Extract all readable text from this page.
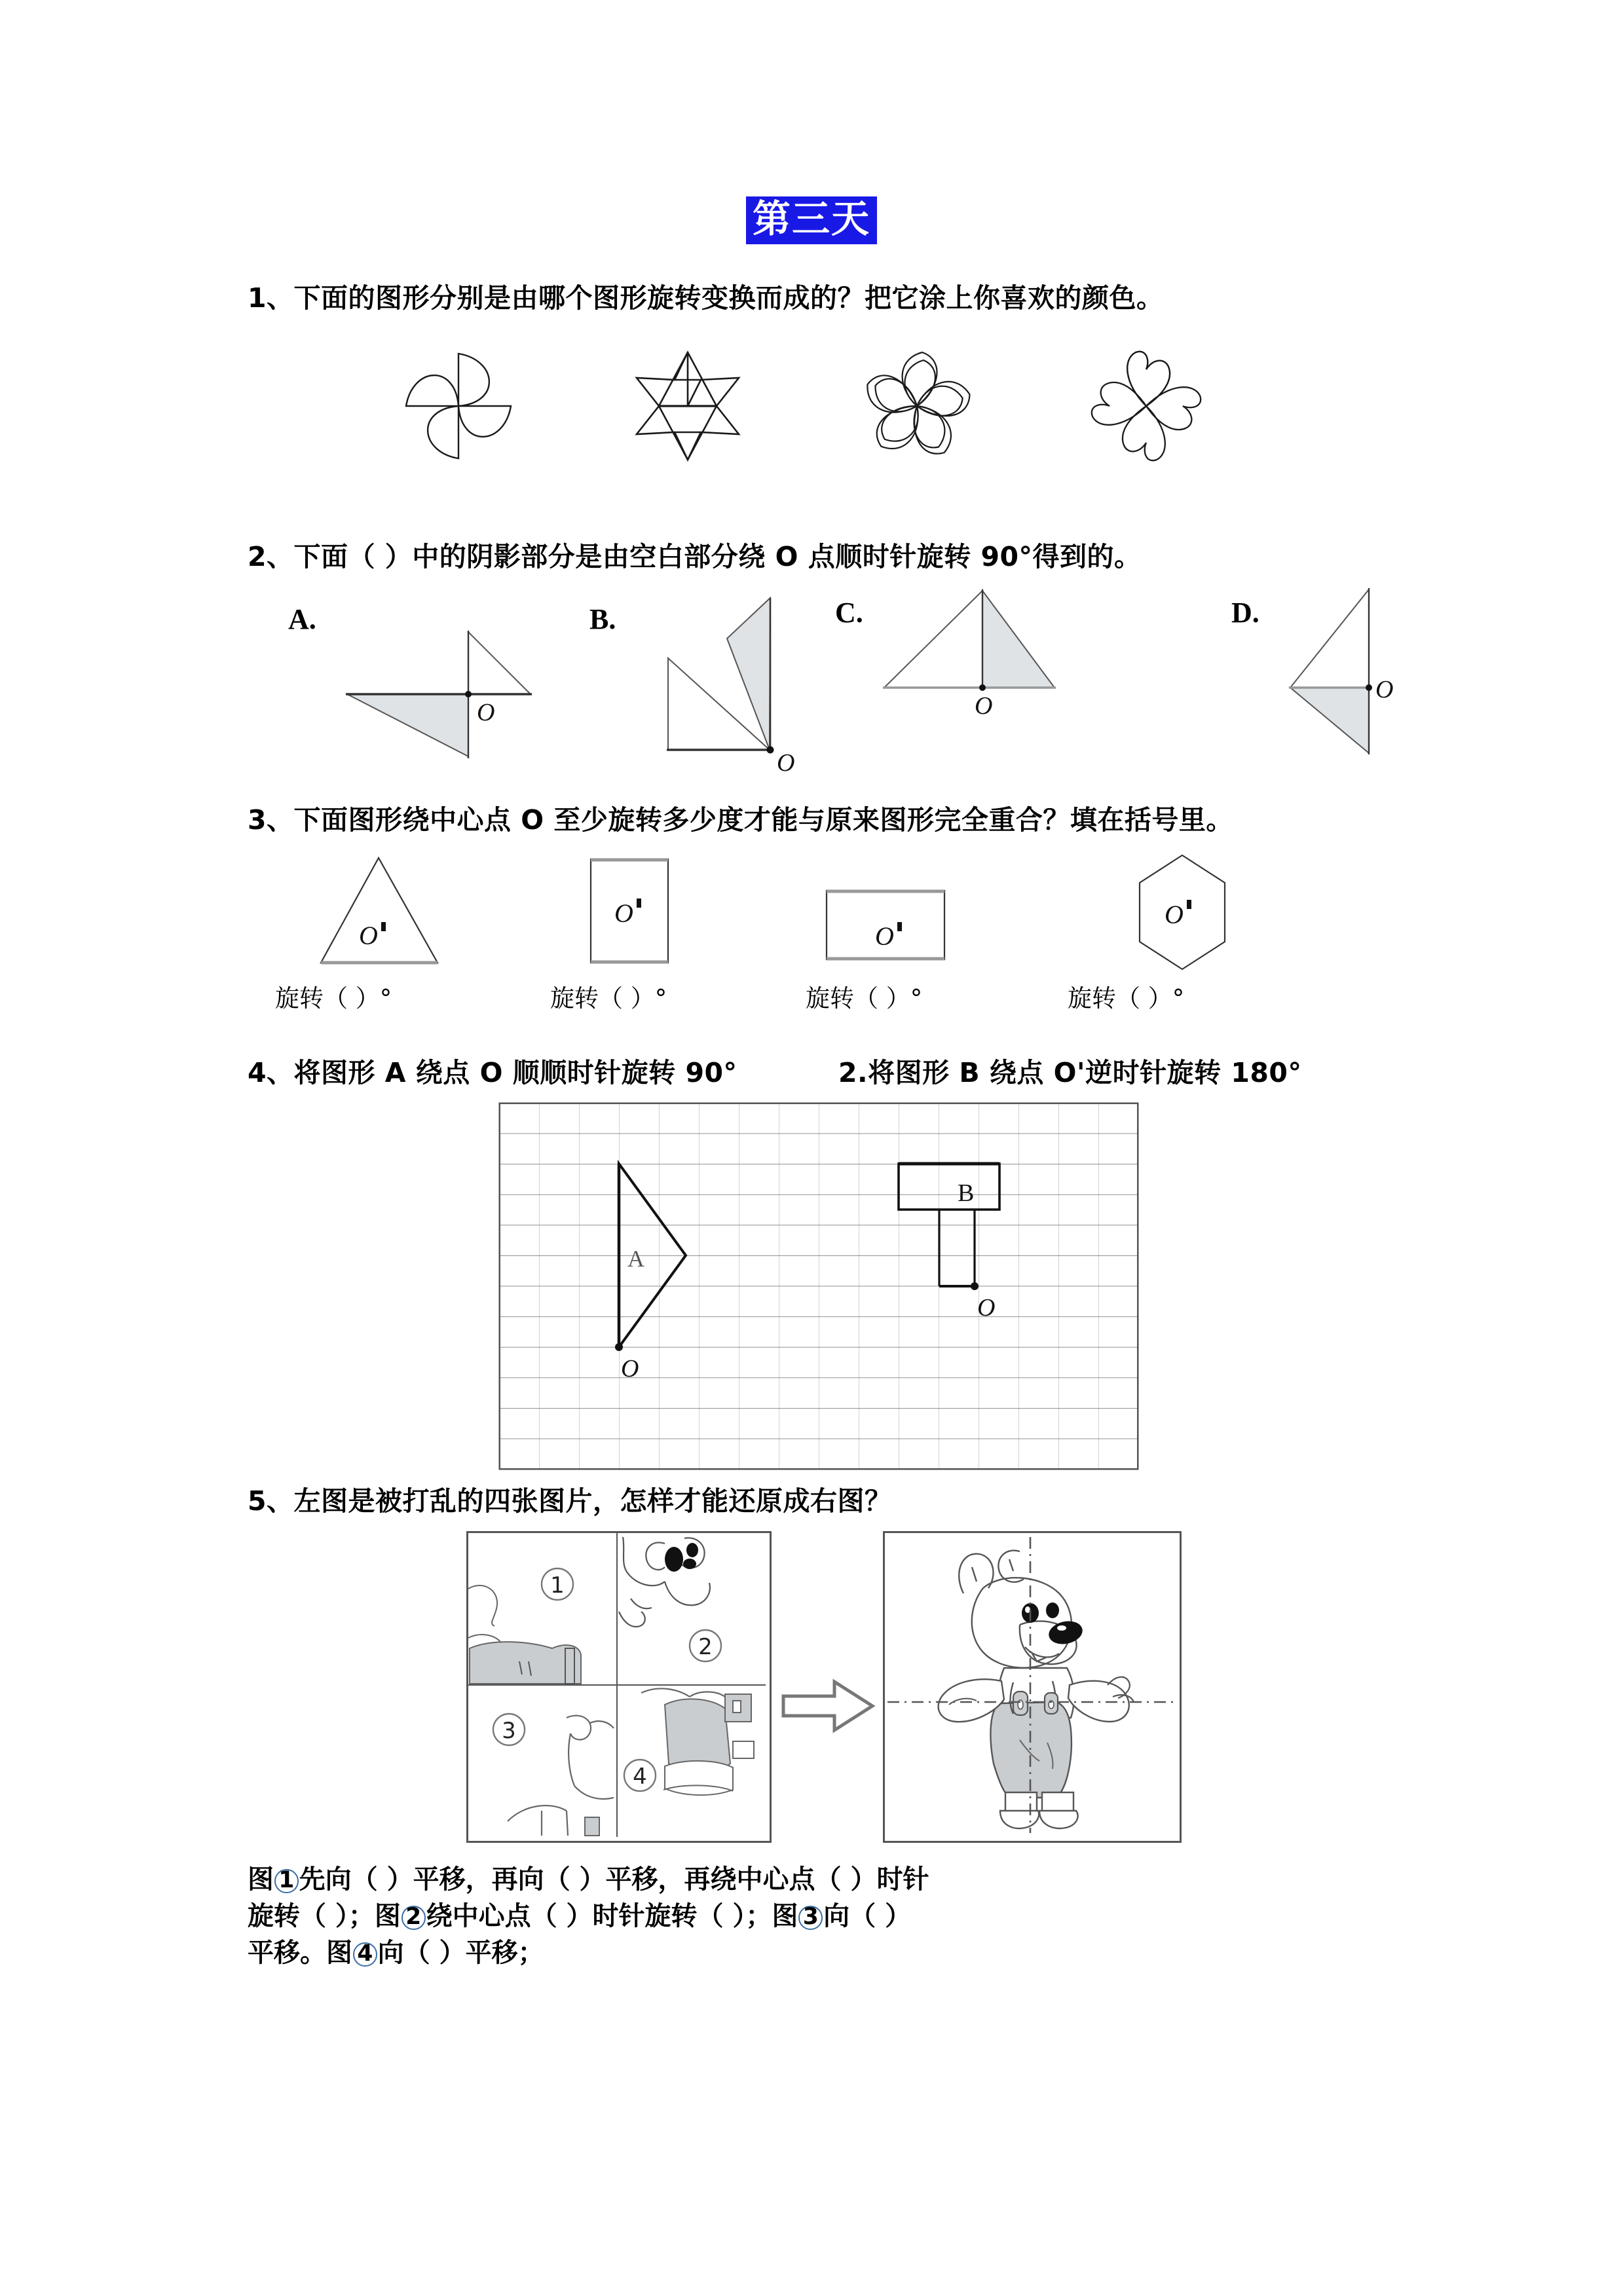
第三天
1、下面的图形分别是由哪个图形旋转变换而成的？把它涂上你喜欢的颜色。
2、下面（ ）中的阴影部分是由空白部分绕 O 点顺时针旋转 90°得到的。
A.
O
B.
O
C.
O
D.
O
3、下面图形绕中心点 O 至少旋转多少度才能与原来图形完全重合？填在括号里。
O
O
O
O
旋转（ ）°	旋转（ ）°	旋转（ ）°	旋转（ ）°
4、将图形 A 绕点 O 顺顺时针旋转 90°	2.将图形 B 绕点 O'逆时针旋转 180°
O
A
B
O
5、左图是被打乱的四张图片，怎样才能还原成右图？
1
2
3
4
图 1 先向（ ）平移，再向（ ）平移，再绕中心点（ ）时针
旋转（ ）；图 2 绕中心点（ ）时针旋转（ ）；图 3 向（ ）
平移。图 4 向（ ）平移；
